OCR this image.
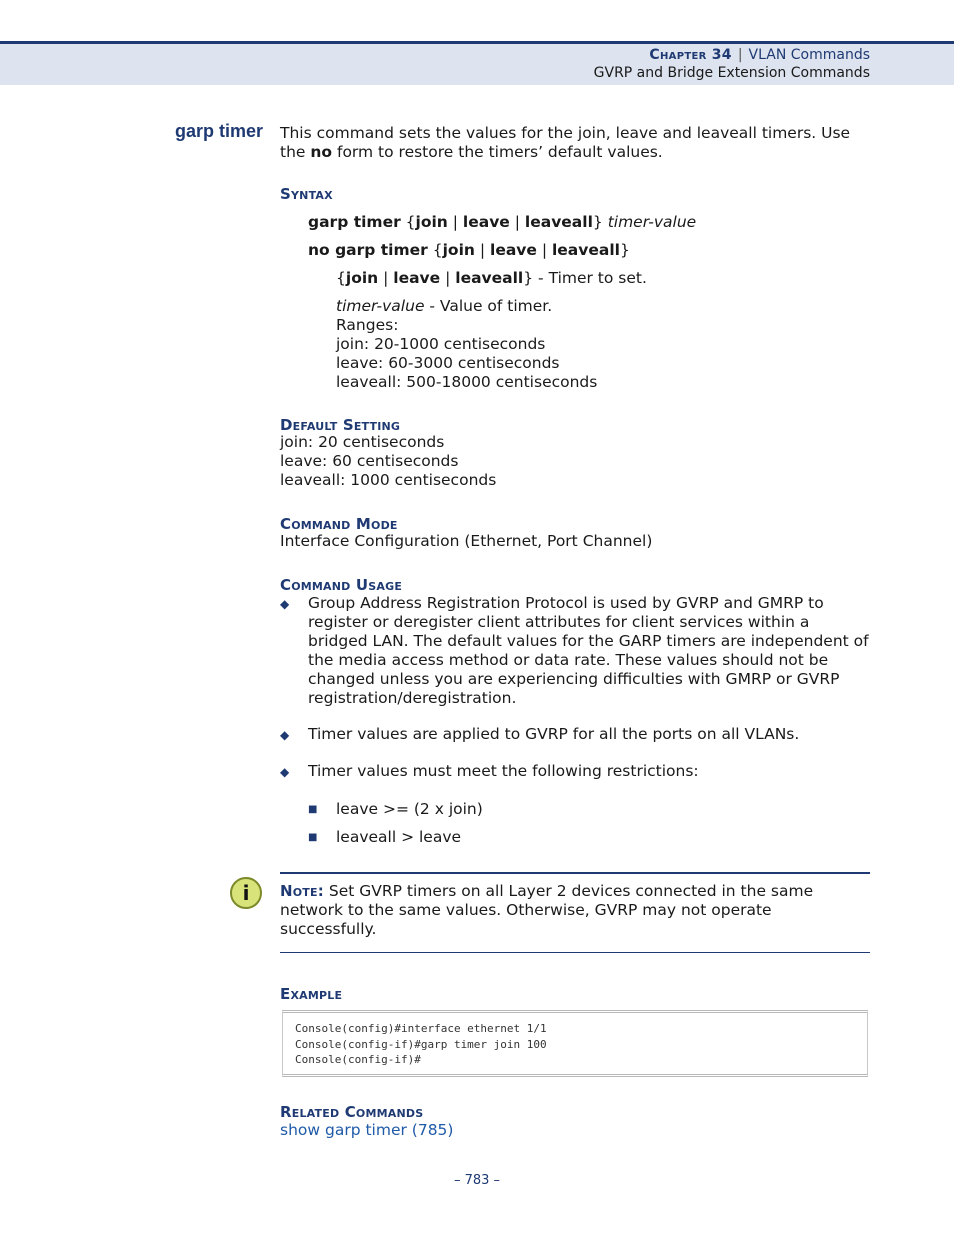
Chapter 34 | VLAN Commands
GVRP and Bridge Extension Commands
garp timer This command sets the values for the join, leave and leaveall timers. Use
the no form to restore the timers’ default values.
Syntax
garp timer {join | leave | leaveall} timer-value
no garp timer {join | leave | leaveall}
{join | leave | leaveall} - Timer to set.
timer-value - Value of timer.
Ranges:
join: 20-1000 centiseconds
leave: 60-3000 centiseconds
leaveall: 500-18000 centiseconds
Default Setting
join: 20 centiseconds
leave: 60 centiseconds
leaveall: 1000 centiseconds
Command Mode
Interface Configuration (Ethernet, Port Channel)
Command Usage
◆ Group Address Registration Protocol is used by GVRP and GMRP to
register or deregister client attributes for client services within a
bridged LAN. The default values for the GARP timers are independent of
the media access method or data rate. These values should not be
changed unless you are experiencing difficulties with GMRP or GVRP
registration/deregistration.
◆ Timer values are applied to GVRP for all the ports on all VLANs.
◆ Timer values must meet the following restrictions:
■ leave >= (2 x join)
■ leaveall > leave
i Note: Set GVRP timers on all Layer 2 devices connected in the same
network to the same values. Otherwise, GVRP may not operate
successfully.
Example
Console(config)#interface ethernet 1/1
Console(config-if)#garp timer join 100
Console(config-if)#
Related Commands
show garp timer (785)
– 783 –
